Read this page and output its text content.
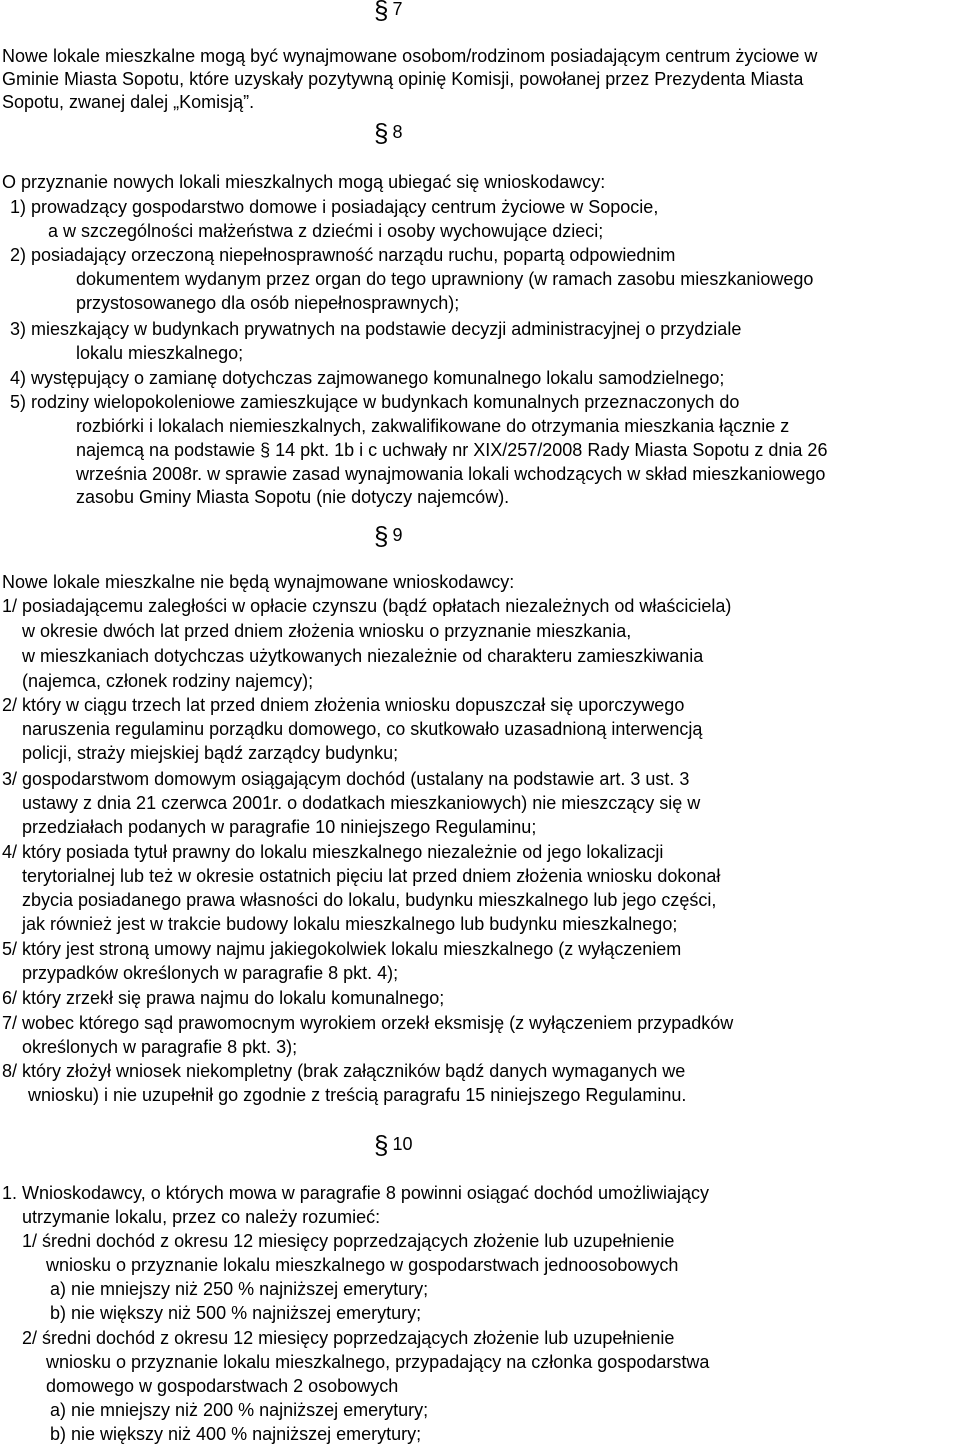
§ 7

Nowe lokale mieszkalne mogą być wynajmowane osobom/rodzinom posiadającym centrum życiowe w

Gminie Miasta Sopotu, które uzyskały pozytywną opinię Komisji, powołanej przez Prezydenta Miasta

Sopotu, zwanej dalej „Komisją”.

§ 8

O przyznanie nowych lokali mieszkalnych mogą ubiegać się wnioskodawcy:

1) prowadzący gospodarstwo domowe i posiadający centrum życiowe w Sopocie,

a w szczególności małżeństwa z dziećmi i osoby wychowujące dzieci;

2) posiadający orzeczoną niepełnosprawność narządu ruchu, popartą odpowiednim

dokumentem wydanym przez organ do tego uprawniony (w ramach zasobu mieszkaniowego

przystosowanego dla osób niepełnosprawnych);

3) mieszkający w budynkach prywatnych na podstawie decyzji administracyjnej o przydziale

lokalu mieszkalnego;

4) występujący o zamianę dotychczas zajmowanego komunalnego lokalu samodzielnego;

5) rodziny wielopokoleniowe zamieszkujące w budynkach komunalnych przeznaczonych do

rozbiórki i lokalach niemieszkalnych, zakwalifikowane do otrzymania mieszkania łącznie z

najemcą na podstawie § 14 pkt. 1b i c uchwały nr XIX/257/2008 Rady Miasta Sopotu z dnia 26

września 2008r. w sprawie zasad wynajmowania lokali wchodzących w skład mieszkaniowego

zasobu Gminy Miasta Sopotu (nie dotyczy najemców).

§ 9

Nowe lokale mieszkalne nie będą wynajmowane wnioskodawcy:

1/ posiadającemu zaległości w opłacie czynszu (bądź opłatach niezależnych od właściciela)

w okresie dwóch lat przed dniem złożenia wniosku o przyznanie mieszkania,

w mieszkaniach dotychczas użytkowanych niezależnie od charakteru zamieszkiwania

(najemca, członek rodziny najemcy);

2/ który w ciągu trzech lat przed dniem złożenia wniosku dopuszczał się uporczywego

naruszenia regulaminu porządku domowego, co skutkowało uzasadnioną interwencją

policji, straży miejskiej bądź zarządcy budynku;

3/ gospodarstwom domowym osiągającym dochód (ustalany na podstawie art. 3 ust. 3

ustawy z dnia 21 czerwca 2001r. o dodatkach mieszkaniowych) nie mieszczący się w

przedziałach podanych w paragrafie 10 niniejszego Regulaminu;

4/ który posiada tytuł prawny do lokalu mieszkalnego niezależnie od jego lokalizacji

terytorialnej lub też w okresie ostatnich pięciu lat przed dniem złożenia wniosku dokonał

zbycia posiadanego prawa własności do lokalu, budynku mieszkalnego lub jego części,

jak również jest w trakcie budowy lokalu mieszkalnego lub budynku mieszkalnego;

5/ który jest stroną umowy najmu jakiegokolwiek lokalu mieszkalnego (z wyłączeniem

przypadków określonych w paragrafie 8 pkt. 4);

6/ który zrzekł się prawa najmu do lokalu komunalnego;

7/ wobec którego sąd prawomocnym wyrokiem orzekł eksmisję (z wyłączeniem przypadków

określonych w paragrafie 8 pkt. 3);

8/ który złożył wniosek niekompletny (brak załączników bądź danych wymaganych we

wniosku) i nie uzupełnił go zgodnie z treścią paragrafu 15 niniejszego Regulaminu.

§ 10

1. Wnioskodawcy, o których mowa w paragrafie 8 powinni osiągać dochód umożliwiający

utrzymanie lokalu, przez co należy rozumieć:

1/ średni dochód z okresu 12 miesięcy poprzedzających złożenie lub uzupełnienie

wniosku o przyznanie lokalu mieszkalnego w gospodarstwach jednoosobowych

a) nie mniejszy niż 250 % najniższej emerytury;

b) nie większy niż 500 % najniższej emerytury;

2/ średni dochód z okresu 12 miesięcy poprzedzających złożenie lub uzupełnienie

wniosku o przyznanie lokalu mieszkalnego, przypadający na członka gospodarstwa

domowego w gospodarstwach 2 osobowych

a) nie mniejszy niż 200 % najniższej emerytury;

b) nie większy niż 400 % najniższej emerytury;
